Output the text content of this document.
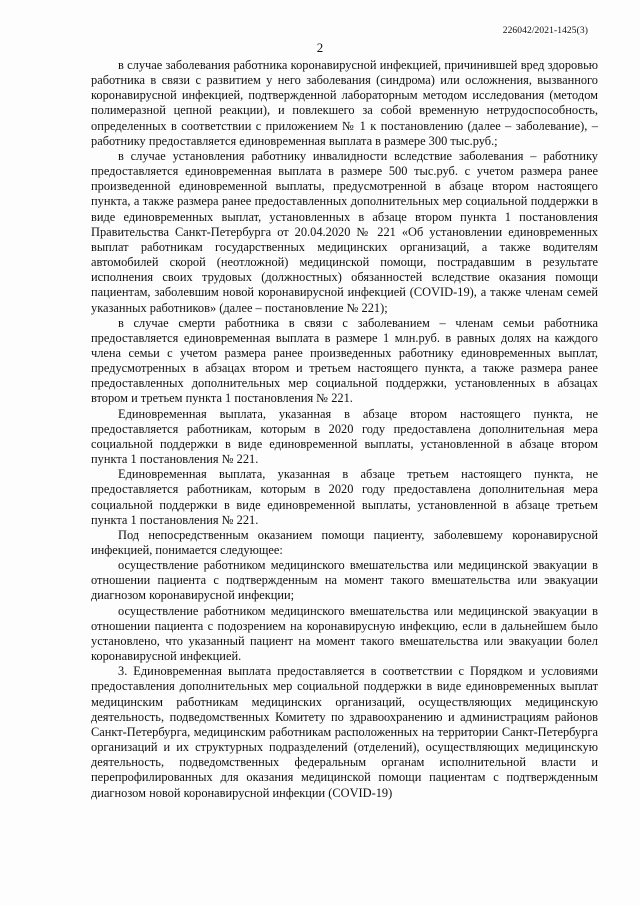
226042/2021-1425(3)
2

в случае заболевания работника коронавирусной инфекцией, причинившей вред здоровью работника в связи с развитием у него заболевания (синдрома) или осложнения, вызванного коронавирусной инфекцией, подтвержденной лабораторным методом исследования (методом полимеразной цепной реакции), и повлекшего за собой временную нетрудоспособность, определенных в соответствии с приложением № 1 к постановлению (далее – заболевание), – работнику предоставляется единовременная выплата в размере 300 тыс.руб.;

в случае установления работнику инвалидности вследствие заболевания – работнику предоставляется единовременная выплата в размере 500 тыс.руб. с учетом размера ранее произведенной единовременной выплаты, предусмотренной в абзаце втором настоящего пункта, а также размера ранее предоставленных дополнительных мер социальной поддержки в виде единовременных выплат, установленных в абзаце втором пункта 1 постановления Правительства Санкт-Петербурга от 20.04.2020 № 221 «Об установлении единовременных выплат работникам государственных медицинских организаций, а также водителям автомобилей скорой (неотложной) медицинской помощи, пострадавшим в результате исполнения своих трудовых (должностных) обязанностей вследствие оказания помощи пациентам, заболевшим новой коронавирусной инфекцией (COVID-19), а также членам семей указанных работников» (далее – постановление № 221);

в случае смерти работника в связи с заболеванием – членам семьи работника предоставляется единовременная выплата в размере 1 млн.руб. в равных долях на каждого члена семьи с учетом размера ранее произведенных работнику единовременных выплат, предусмотренных в абзацах втором и третьем настоящего пункта, а также размера ранее предоставленных дополнительных мер социальной поддержки, установленных в абзацах втором и третьем пункта 1 постановления № 221.

Единовременная выплата, указанная в абзаце втором настоящего пункта, не предоставляется работникам, которым в 2020 году предоставлена дополнительная мера социальной поддержки в виде единовременной выплаты, установленной в абзаце втором пункта 1 постановления № 221.

Единовременная выплата, указанная в абзаце третьем настоящего пункта, не предоставляется работникам, которым в 2020 году предоставлена дополнительная мера социальной поддержки в виде единовременной выплаты, установленной в абзаце третьем пункта 1 постановления № 221.

Под непосредственным оказанием помощи пациенту, заболевшему коронавирусной инфекцией, понимается следующее:

осуществление работником медицинского вмешательства или медицинской эвакуации в отношении пациента с подтвержденным на момент такого вмешательства или эвакуации диагнозом коронавирусной инфекции;

осуществление работником медицинского вмешательства или медицинской эвакуации в отношении пациента с подозрением на коронавирусную инфекцию, если в дальнейшем было установлено, что указанный пациент на момент такого вмешательства или эвакуации болел коронавирусной инфекцией.

3. Единовременная выплата предоставляется в соответствии с Порядком и условиями предоставления дополнительных мер социальной поддержки в виде единовременных выплат медицинским работникам медицинских организаций, осуществляющих медицинскую деятельность, подведомственных Комитету по здравоохранению и администрациям районов Санкт-Петербурга, медицинским работникам расположенных на территории Санкт-Петербурга организаций и их структурных подразделений (отделений), осуществляющих медицинскую деятельность, подведомственных федеральным органам исполнительной власти и перепрофилированных для оказания медицинской помощи пациентам с подтвержденным диагнозом новой коронавирусной инфекции (COVID-19)
